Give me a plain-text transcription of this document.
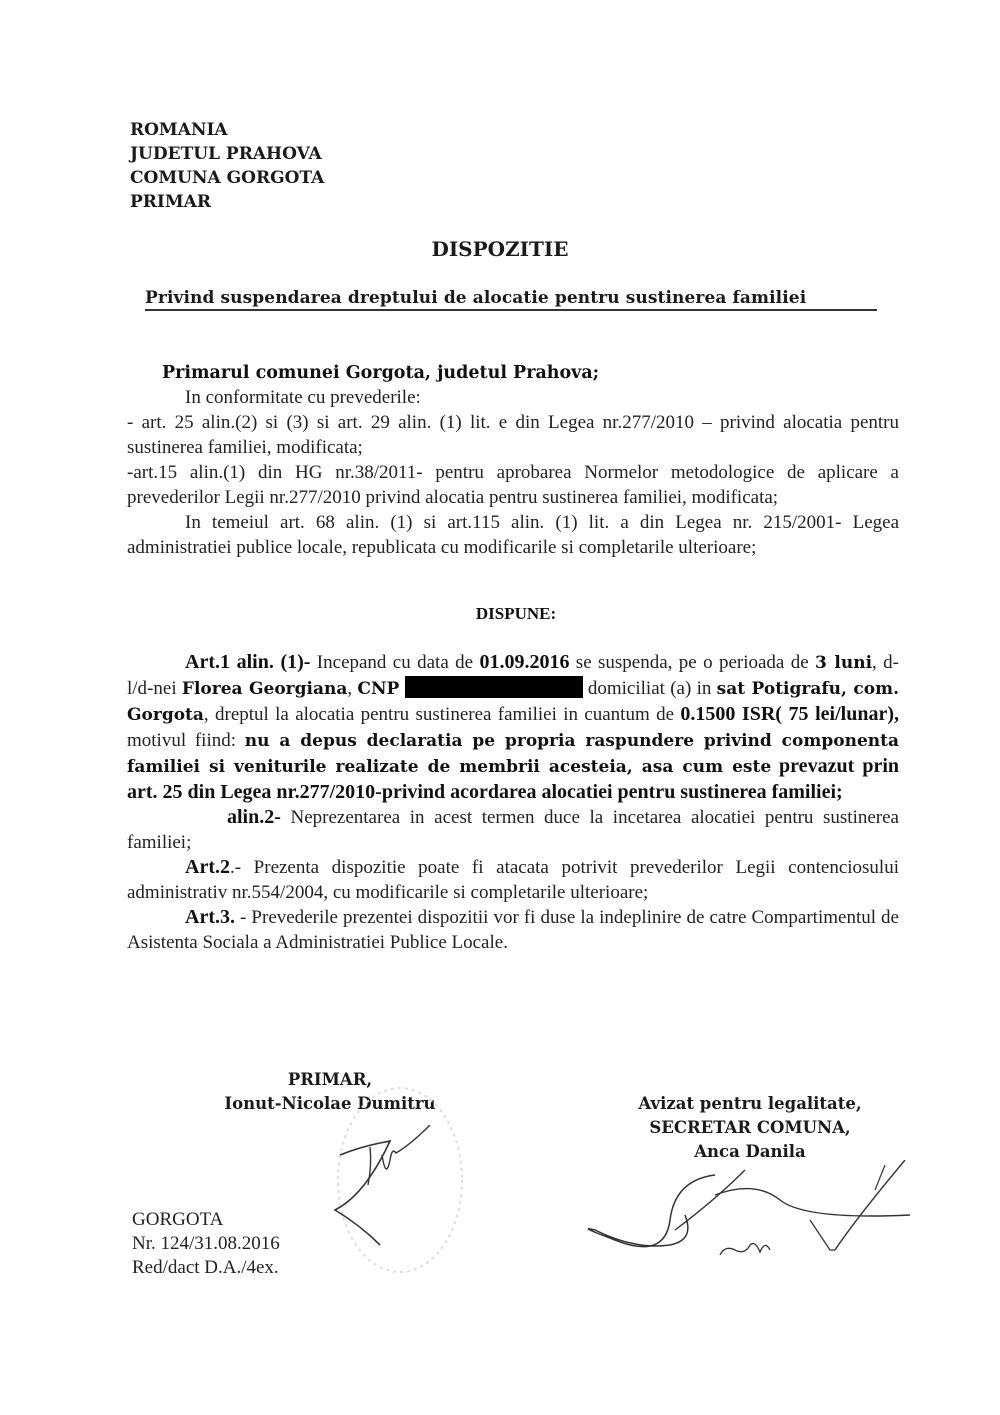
ROMANIA
JUDETUL PRAHOVA
COMUNA GORGOTA
PRIMAR
DISPOZITIE
Privind suspendarea dreptului de alocatie pentru sustinerea familiei
Primarul comunei Gorgota, judetul Prahova;
In conformitate cu prevederile:
- art. 25 alin.(2) si (3) si art. 29 alin. (1) lit. e din Legea nr.277/2010 – privind alocatia pentru sustinerea familiei, modificata;
-art.15 alin.(1) din HG nr.38/2011- pentru aprobarea Normelor metodologice de aplicare a prevederilor Legii nr.277/2010 privind alocatia pentru sustinerea familiei, modificata;
In temeiul art. 68 alin. (1) si art.115 alin. (1) lit. a din Legea nr. 215/2001- Legea administratiei publice locale, republicata cu modificarile si completarile ulterioare;
DISPUNE:
Art.1 alin. (1)- Incepand cu data de 01.09.2016 se suspenda, pe o perioada de 3 luni, d-l/d-nei Florea Georgiana, CNP	domiciliat (a) in sat Potigrafu, com. Gorgota, dreptul la alocatia pentru sustinerea familiei in cuantum de 0.1500 ISR( 75 lei/lunar), motivul fiind: nu a depus declaratia pe propria raspundere privind componenta familiei si veniturile realizate de membrii acesteia, asa cum este prevazut prin art. 25 din Legea nr.277/2010-privind acordarea alocatiei pentru sustinerea familiei;
alin.2- Neprezentarea in acest termen duce la incetarea alocatiei pentru sustinerea familiei;
Art.2.- Prezenta dispozitie poate fi atacata potrivit prevederilor Legii contenciosului administrativ nr.554/2004, cu modificarile si completarile ulterioare;
Art.3. - Prevederile prezentei dispozitii vor fi duse la indeplinire de catre Compartimentul de Asistenta Sociala a Administratiei Publice Locale.
PRIMAR,
Ionut-Nicolae Dumitru	Avizat pentru legalitate,
SECRETAR COMUNA,
Anca Danila
GORGOTA
Nr. 124/31.08.2016
Red/dact D.A./4ex.
